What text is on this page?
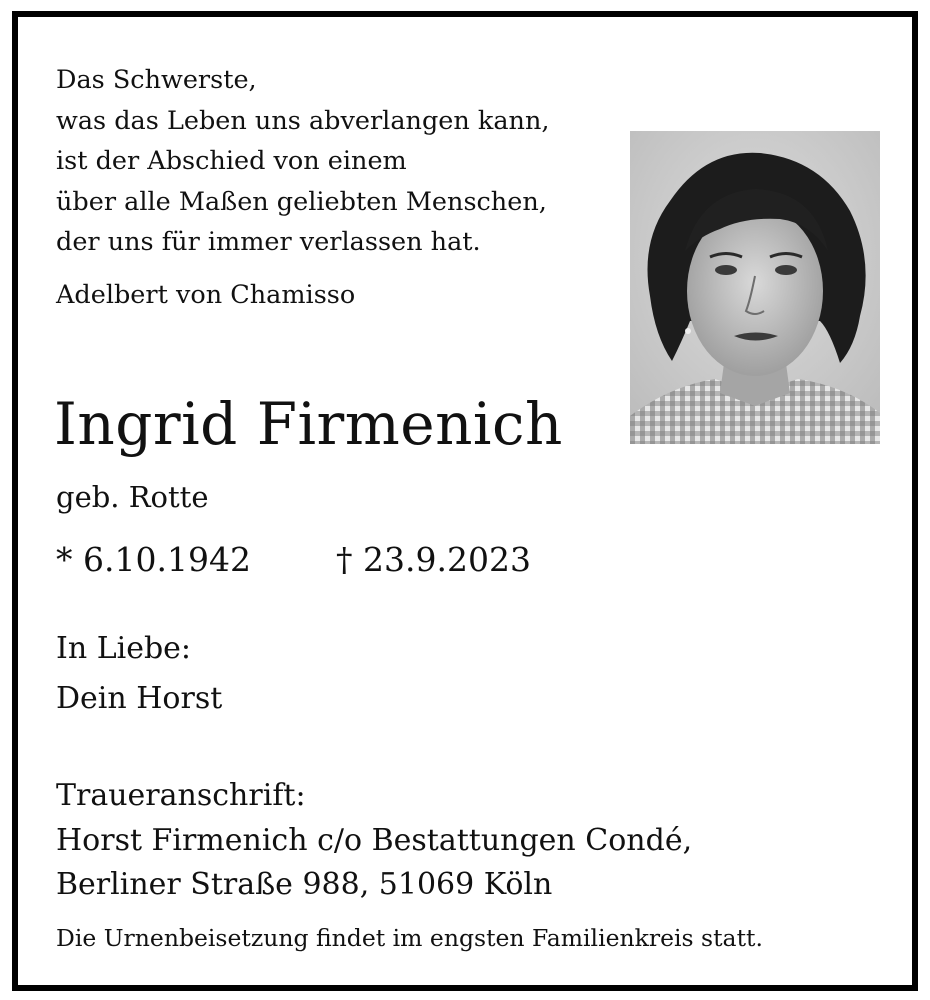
Das Schwerste,
was das Leben uns abverlangen kann,
ist der Abschied von einem
über alle Maßen geliebten Menschen,
der uns für immer verlassen hat.
Adelbert von Chamisso
Ingrid Firmenich
geb. Rotte
* 6.10.1942	† 23.9.2023
In Liebe:
Dein Horst
Traueranschrift:
Horst Firmenich c/o Bestattungen Condé,
Berliner Straße 988, 51069 Köln
Die Urnenbeisetzung findet im engsten Familienkreis statt.
